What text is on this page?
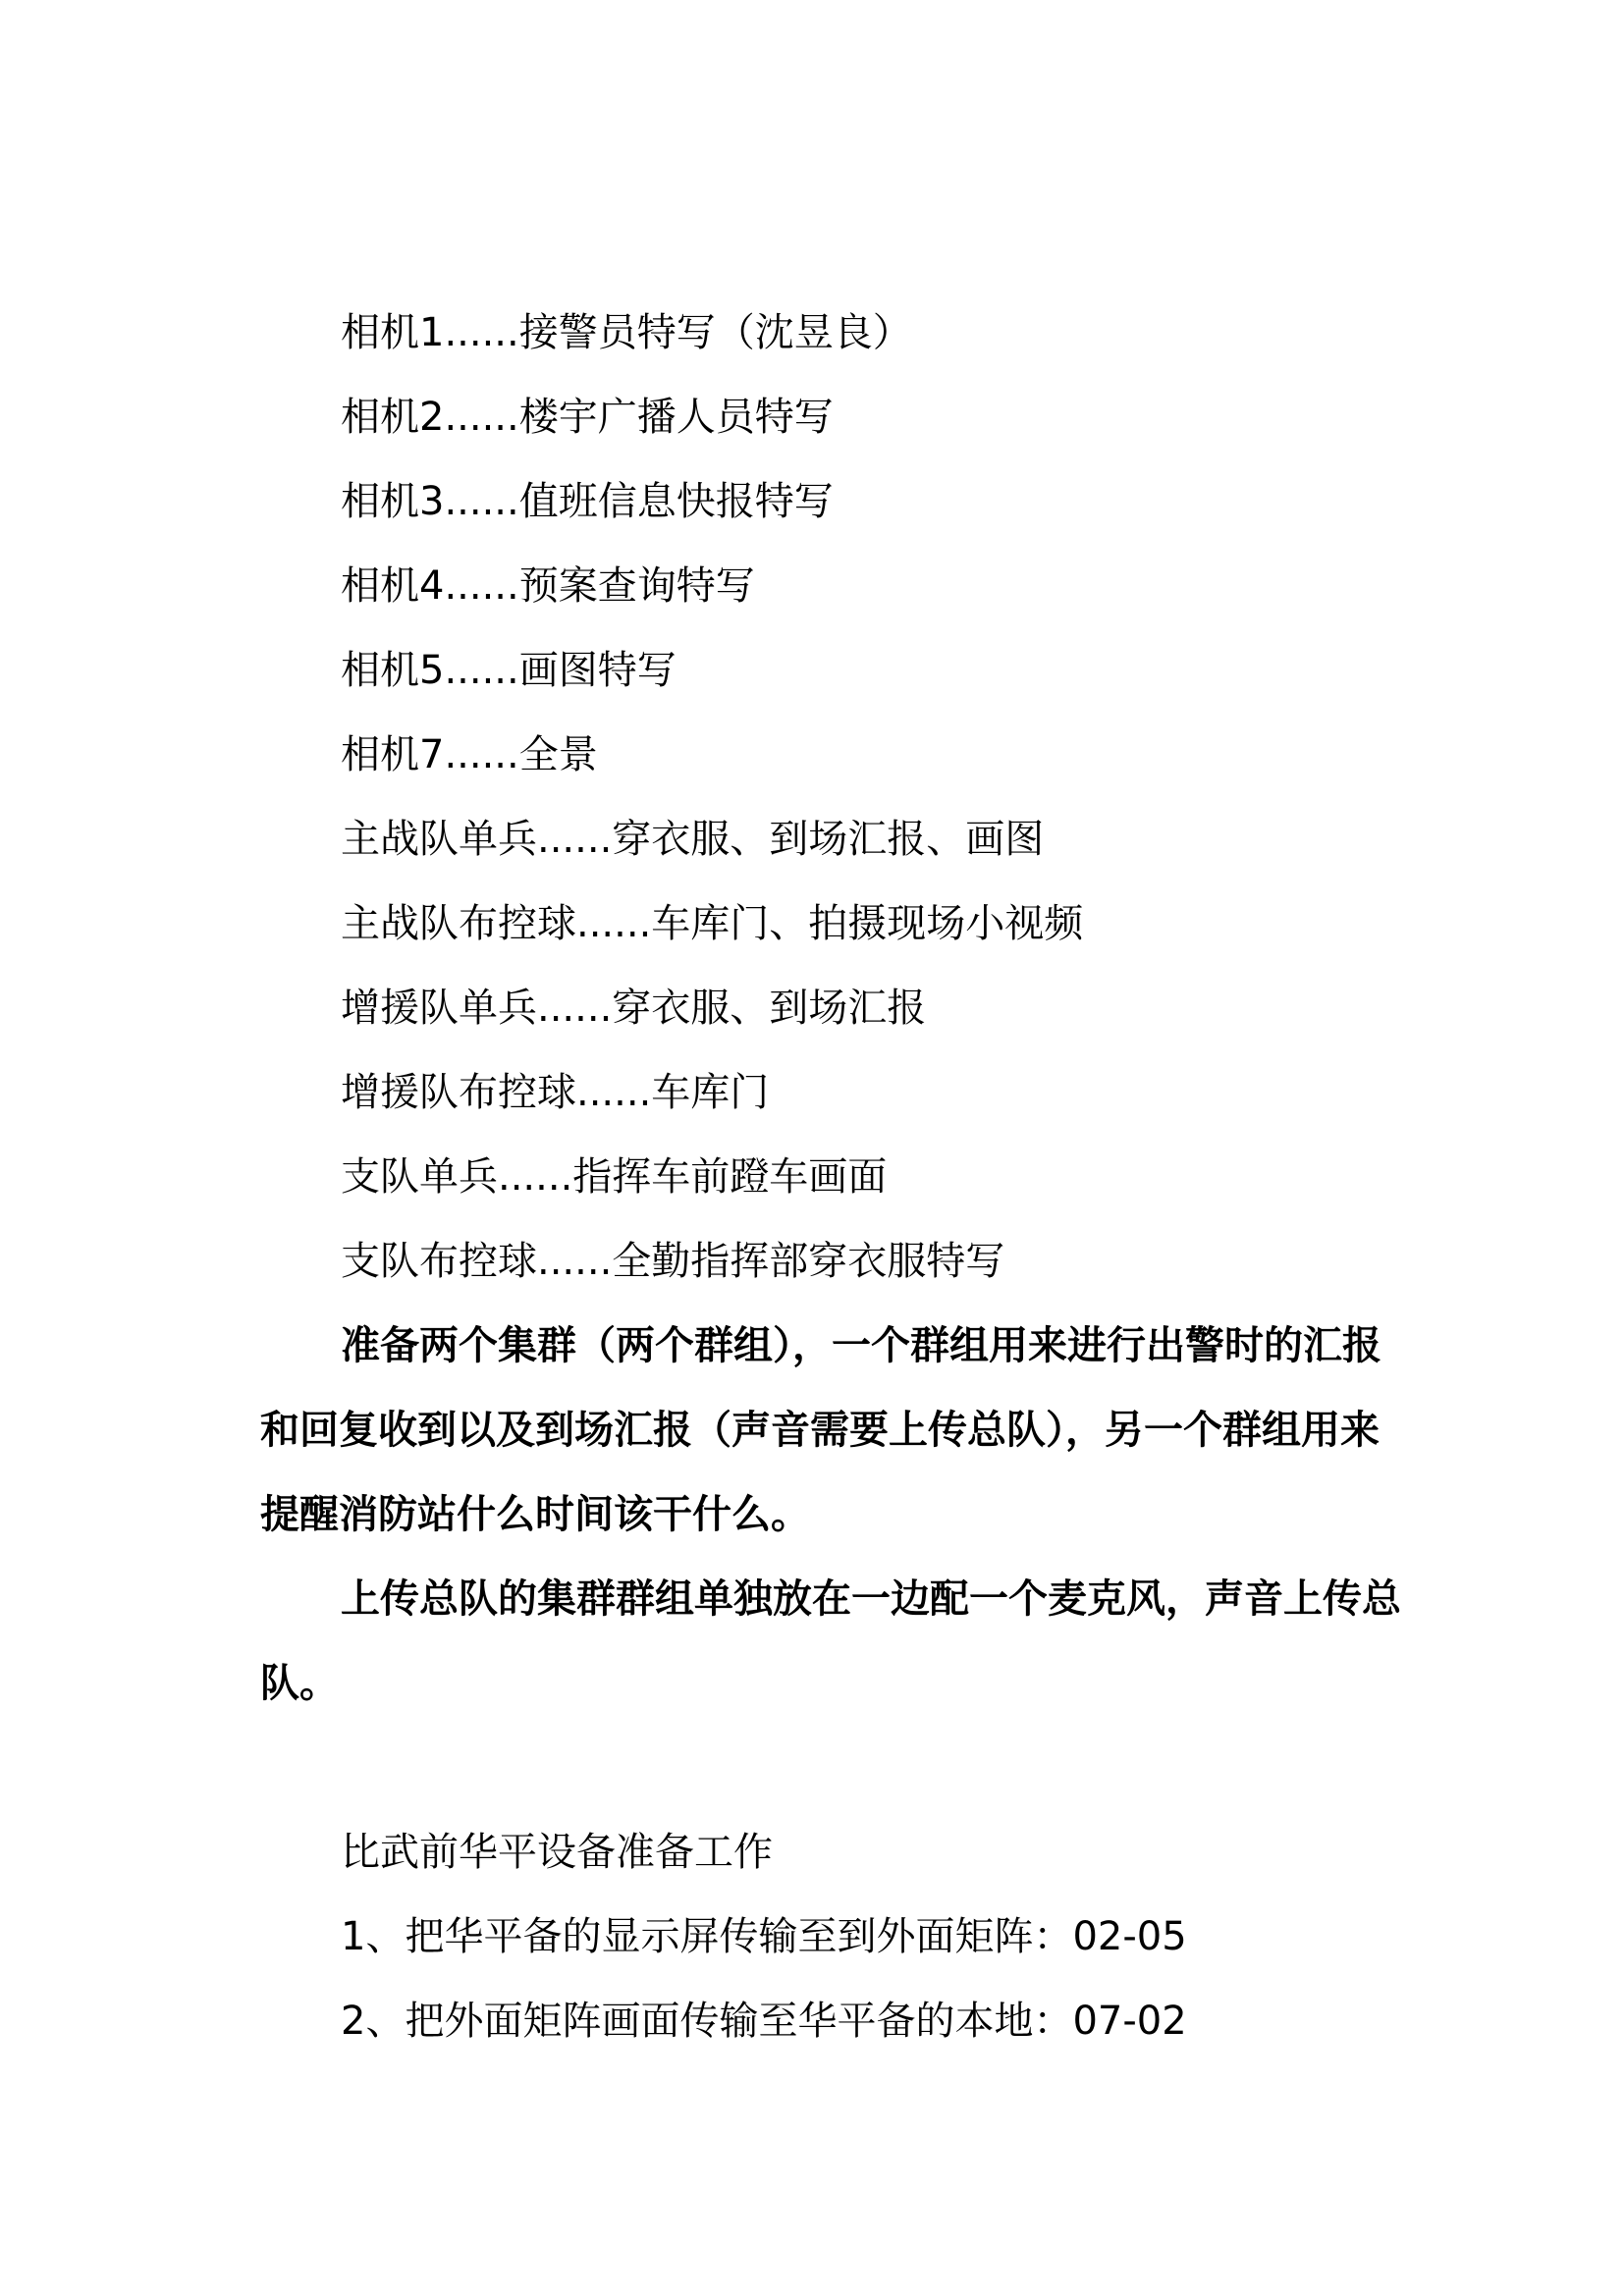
相机1......接警员特写（沈昱良）

相机2......楼宇广播人员特写

相机3......值班信息快报特写

相机4......预案查询特写

相机5......画图特写

相机7......全景

主战队单兵......穿衣服、到场汇报、画图

主战队布控球......车库门、拍摄现场小视频

增援队单兵......穿衣服、到场汇报

增援队布控球......车库门

支队单兵......指挥车前蹬车画面

支队布控球......全勤指挥部穿衣服特写

准备两个集群（两个群组），一个群组用来进行出警时的汇报

和回复收到以及到场汇报（声音需要上传总队），另一个群组用来

提醒消防站什么时间该干什么。

上传总队的集群群组单独放在一边配一个麦克风，声音上传总

队。

比武前华平设备准备工作

1、把华平备的显示屏传输至到外面矩阵：02-05

2、把外面矩阵画面传输至华平备的本地：07-02
